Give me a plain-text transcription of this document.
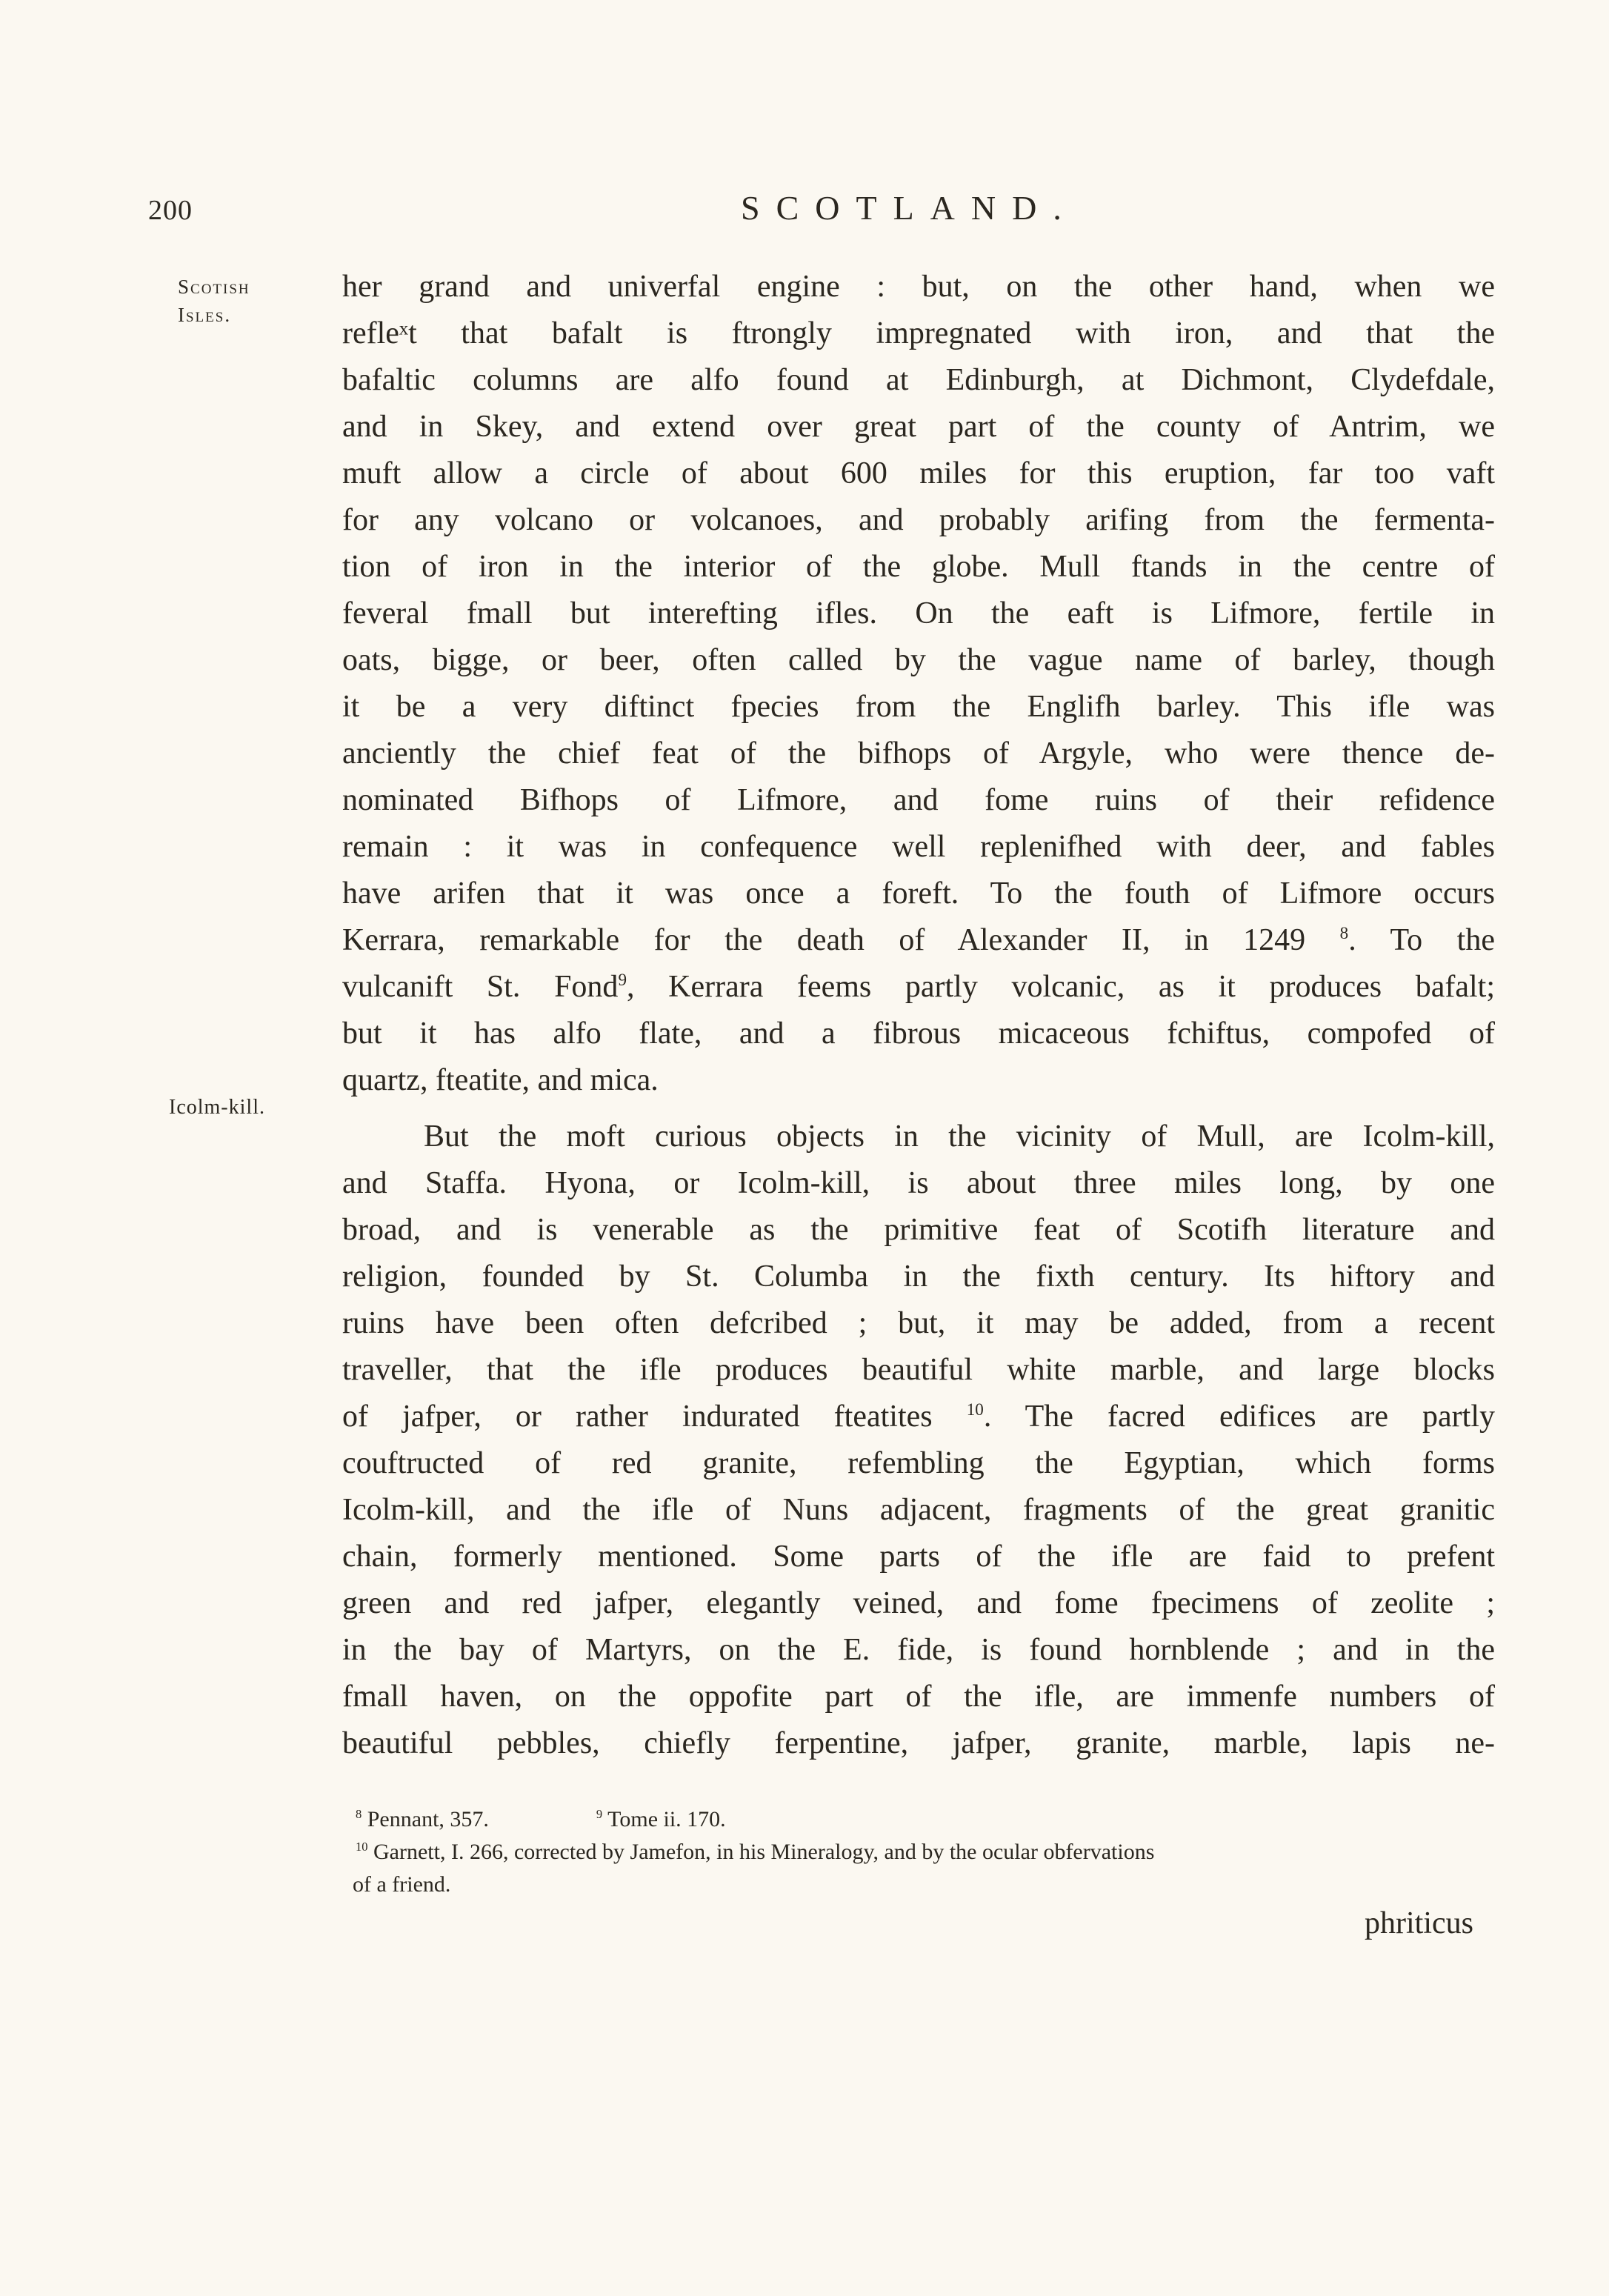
200	SCOTLAND.
Scotish
Isles.
Icolm-kill.
her grand and univerfal engine : but, on the other hand, when we
refleˣt that bafalt is ftrongly impregnated with iron, and that the
bafaltic columns are alfo found at Edinburgh, at Dichmont, Clydefdale,
and in Skey, and extend over great part of the county of Antrim, we
muft allow a circle of about 600 miles for this eruption, far too vaft
for any volcano or volcanoes, and probably arifing from the fermenta-
tion of iron in the interior of the globe. Mull ftands in the centre of
feveral fmall but interefting ifles. On the eaft is Lifmore, fertile in
oats, bigge, or beer, often called by the vague name of barley, though
it be a very diftinct fpecies from the Englifh barley. This ifle was
anciently the chief feat of the bifhops of Argyle, who were thence de-
nominated Bifhops of Lifmore, and fome ruins of their refidence
remain : it was in confequence well replenifhed with deer, and fables
have arifen that it was once a foreft. To the fouth of Lifmore occurs
Kerrara, remarkable for the death of Alexander II, in 1249 $^8$. To the
vulcanift St. Fond$^9$, Kerrara feems partly volcanic, as it produces bafalt;
but it has alfo flate, and a fibrous micaceous fchiftus, compofed of
quartz, fteatite, and mica.
But the moft curious objects in the vicinity of Mull, are Icolm-kill,
and Staffa. Hyona, or Icolm-kill, is about three miles long, by one
broad, and is venerable as the primitive feat of Scotifh literature and
religion, founded by St. Columba in the fixth century. Its hiftory and
ruins have been often defcribed ; but, it may be added, from a recent
traveller, that the ifle produces beautiful white marble, and large blocks
of jafper, or rather indurated fteatites $^{10}$. The facred edifices are partly
couftructed of red granite, refembling the Egyptian, which forms
Icolm-kill, and the ifle of Nuns adjacent, fragments of the great granitic
chain, formerly mentioned. Some parts of the ifle are faid to prefent
green and red jafper, elegantly veined, and fome fpecimens of zeolite ;
in the bay of Martyrs, on the E. fide, is found hornblende ; and in the
fmall haven, on the oppofite part of the ifle, are immenfe numbers of
beautiful pebbles, chiefly ferpentine, jafper, granite, marble, lapis ne-
$^8$ Pennant, 357.	$^9$ Tome ii. 170.
$^{10}$ Garnett, I. 266, corrected by Jamefon, in his Mineralogy, and by the ocular obfervations
of a friend.
phriticus
